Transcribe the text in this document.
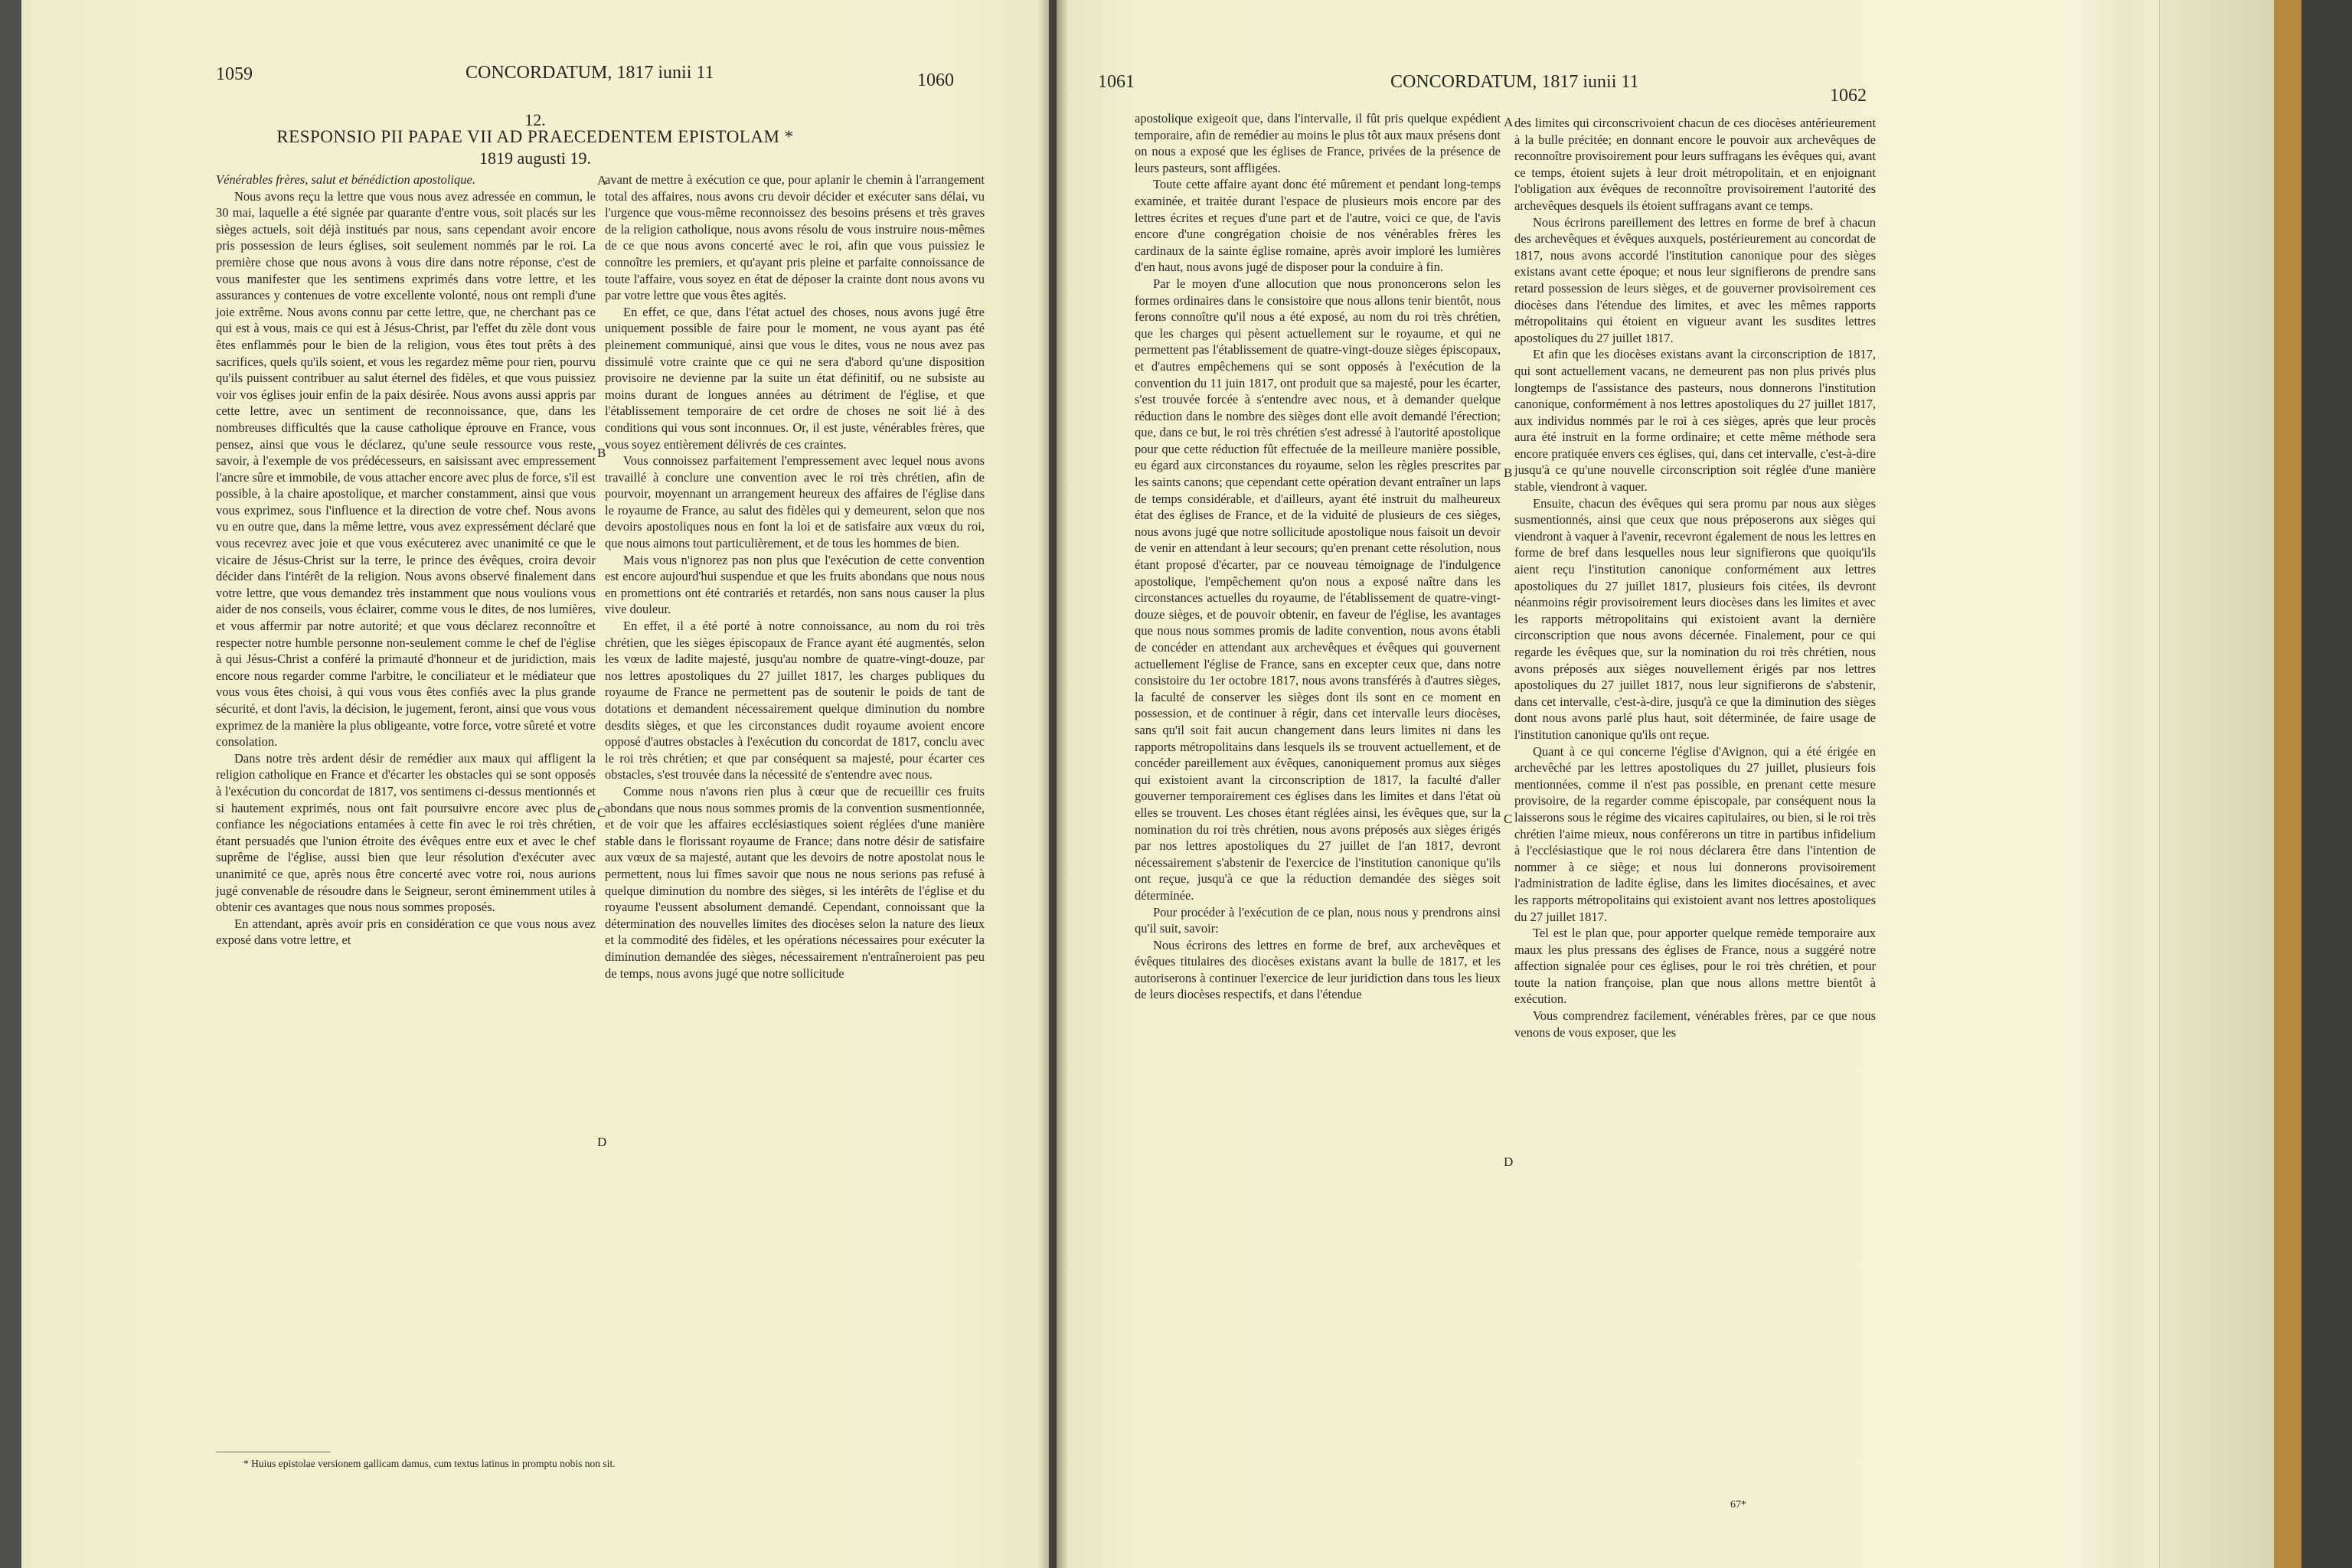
1059	CONCORDATUM, 1817 iunii 11	1060
12.
RESPONSIO PII PAPAE VII AD PRAECEDENTEM EPISTOLAM *
1819 augusti 19.

Vénérables frères, salut et bénédiction apostolique.

Nous avons reçu la lettre que vous nous avez adressée en commun, le 30 mai, laquelle a été signée par quarante d'entre vous, soit placés sur les sièges actuels, soit déjà institués par nous, sans cependant avoir encore pris possession de leurs églises, soit seulement nommés par le roi. La première chose que nous avons à vous dire dans notre réponse, c'est de vous manifester que les sentimens exprimés dans votre lettre, et les assurances y contenues de votre excellente volonté, nous ont rempli d'une joie extrême. Nous avons connu par cette lettre, que, ne cherchant pas ce qui est à vous, mais ce qui est à Jésus-Christ, par l'effet du zèle dont vous êtes enflammés pour le bien de la religion, vous êtes tout prêts à des sacrifices, quels qu'ils soient, et vous les regardez même pour rien, pourvu qu'ils puissent contribuer au salut éternel des fidèles, et que vous puissiez voir vos églises jouir enfin de la paix désirée. Nous avons aussi appris par cette lettre, avec un sentiment de reconnoissance, que, dans les nombreuses difficultés que la cause catholique éprouve en France, vous pensez, ainsi que vous le déclarez, qu'une seule ressource vous reste, savoir, à l'exemple de vos prédécesseurs, en saisissant avec empressement l'ancre sûre et immobile, de vous attacher encore avec plus de force, s'il est possible, à la chaire apostolique, et marcher constamment, ainsi que vous vous exprimez, sous l'influence et la direction de votre chef. Nous avons vu en outre que, dans la même lettre, vous avez expressément déclaré que vous recevrez avec joie et que vous exécuterez avec unanimité ce que le vicaire de Jésus-Christ sur la terre, le prince des évêques, croira devoir décider dans l'intérêt de la religion. Nous avons observé finalement dans votre lettre, que vous demandez très instamment que nous voulions vous aider de nos conseils, vous éclairer, comme vous le dites, de nos lumières, et vous affermir par notre autorité; et que vous déclarez reconnoître et respecter notre humble personne non-seulement comme le chef de l'église à qui Jésus-Christ a conféré la primauté d'honneur et de juridiction, mais encore nous regarder comme l'arbitre, le conciliateur et le médiateur que vous vous êtes choisi, à qui vous vous êtes confiés avec la plus grande sécurité, et dont l'avis, la décision, le jugement, feront, ainsi que vous vous exprimez de la manière la plus obligeante, votre force, votre sûreté et votre consolation.

Dans notre très ardent désir de remédier aux maux qui affligent la religion catholique en France et d'écarter les obstacles qui se sont opposés à l'exécution du concordat de 1817, vos sentimens ci-dessus mentionnés et si hautement exprimés, nous ont fait poursuivre encore avec plus de confiance les négociations entamées à cette fin avec le roi très chrétien, étant persuadés que l'union étroite des évêques entre eux et avec le chef suprême de l'église, aussi bien que leur résolution d'exécuter avec unanimité ce que, après nous être concerté avec votre roi, nous aurions jugé convenable de résoudre dans le Seigneur, seront éminemment utiles à obtenir ces avantages que nous nous sommes proposés.

En attendant, après avoir pris en considération ce que vous nous avez exposé dans votre lettre, et

avant de mettre à exécution ce que, pour aplanir le chemin à l'arrangement total des affaires, nous avons cru devoir décider et exécuter sans délai, vu l'urgence que vous-même reconnoissez des besoins présens et très graves de la religion catholique, nous avons résolu de vous instruire nous-mêmes de ce que nous avons concerté avec le roi, afin que vous puissiez le connoître les premiers, et qu'ayant pris pleine et parfaite connoissance de toute l'affaire, vous soyez en état de déposer la crainte dont nous avons vu par votre lettre que vous êtes agités.

En effet, ce que, dans l'état actuel des choses, nous avons jugé être uniquement possible de faire pour le moment, ne vous ayant pas été pleinement communiqué, ainsi que vous le dites, vous ne nous avez pas dissimulé votre crainte que ce qui ne sera d'abord qu'une disposition provisoire ne devienne par la suite un état définitif, ou ne subsiste au moins durant de longues années au détriment de l'église, et que l'établissement temporaire de cet ordre de choses ne soit lié à des conditions qui vous sont inconnues. Or, il est juste, vénérables frères, que vous soyez entièrement délivrés de ces craintes.

Vous connoissez parfaitement l'empressement avec lequel nous avons travaillé à conclure une convention avec le roi très chrétien, afin de pourvoir, moyennant un arrangement heureux des affaires de l'église dans le royaume de France, au salut des fidèles qui y demeurent, selon que nos devoirs apostoliques nous en font la loi et de satisfaire aux vœux du roi, que nous aimons tout particulièrement, et de tous les hommes de bien.

Mais vous n'ignorez pas non plus que l'exécution de cette convention est encore aujourd'hui suspendue et que les fruits abondans que nous nous en promettions ont été contrariés et retardés, non sans nous causer la plus vive douleur.

En effet, il a été porté à notre connoissance, au nom du roi très chrétien, que les sièges épiscopaux de France ayant été augmentés, selon les vœux de ladite majesté, jusqu'au nombre de quatre-vingt-douze, par nos lettres apostoliques du 27 juillet 1817, les charges publiques du royaume de France ne permettent pas de soutenir le poids de tant de dotations et demandent nécessairement quelque diminution du nombre desdits sièges, et que les circonstances dudit royaume avoient encore opposé d'autres obstacles à l'exécution du concordat de 1817, conclu avec le roi très chrétien; et que par conséquent sa majesté, pour écarter ces obstacles, s'est trouvée dans la nécessité de s'entendre avec nous.

Comme nous n'avons rien plus à cœur que de recueillir ces fruits abondans que nous nous sommes promis de la convention susmentionnée, et de voir que les affaires ecclésiastiques soient réglées d'une manière stable dans le florissant royaume de France; dans notre désir de satisfaire aux vœux de sa majesté, autant que les devoirs de notre apostolat nous le permettent, nous lui fîmes savoir que nous ne nous serions pas refusé à quelque diminution du nombre des sièges, si les intérêts de l'église et du royaume l'eussent absolument demandé. Cependant, connoissant que la détermination des nouvelles limites des diocèses selon la nature des lieux et la commodité des fidèles, et les opérations nécessaires pour exécuter la diminution demandée des sièges, nécessairement n'entraîneroient pas peu de temps, nous avons jugé que notre sollicitude

A
B
C
D
* Huius epistolae versionem gallicam damus, cum textus latinus in promptu nobis non sit.
1061	CONCORDATUM, 1817 iunii 11
1062

apostolique exigeoit que, dans l'intervalle, il fût pris quelque expédient temporaire, afin de remédier au moins le plus tôt aux maux présens dont on nous a exposé que les églises de France, privées de la présence de leurs pasteurs, sont affligées.

Toute cette affaire ayant donc été mûrement et pendant long-temps examinée, et traitée durant l'espace de plusieurs mois encore par des lettres écrites et reçues d'une part et de l'autre, voici ce que, de l'avis encore d'une congrégation choisie de nos vénérables frères les cardinaux de la sainte église romaine, après avoir imploré les lumières d'en haut, nous avons jugé de disposer pour la conduire à fin.

Par le moyen d'une allocution que nous prononcerons selon les formes ordinaires dans le consistoire que nous allons tenir bientôt, nous ferons connoître qu'il nous a été exposé, au nom du roi très chrétien, que les charges qui pèsent actuellement sur le royaume, et qui ne permettent pas l'établissement de quatre-vingt-douze sièges épiscopaux, et d'autres empêchemens qui se sont opposés à l'exécution de la convention du 11 juin 1817, ont produit que sa majesté, pour les écarter, s'est trouvée forcée à s'entendre avec nous, et à demander quelque réduction dans le nombre des sièges dont elle avoit demandé l'érection; que, dans ce but, le roi très chrétien s'est adressé à l'autorité apostolique pour que cette réduction fût effectuée de la meilleure manière possible, eu égard aux circonstances du royaume, selon les règles prescrites par les saints canons; que cependant cette opération devant entraîner un laps de temps considérable, et d'ailleurs, ayant été instruit du malheureux état des églises de France, et de la viduité de plusieurs de ces sièges, nous avons jugé que notre sollicitude apostolique nous faisoit un devoir de venir en attendant à leur secours; qu'en prenant cette résolution, nous étant proposé d'écarter, par ce nouveau témoignage de l'indulgence apostolique, l'empêchement qu'on nous a exposé naître dans les circonstances actuelles du royaume, de l'établissement de quatre-vingt-douze sièges, et de pouvoir obtenir, en faveur de l'église, les avantages que nous nous sommes promis de ladite convention, nous avons établi de concéder en attendant aux archevêques et évêques qui gouvernent actuellement l'église de France, sans en excepter ceux que, dans notre consistoire du 1er octobre 1817, nous avons transférés à d'autres sièges, la faculté de conserver les sièges dont ils sont en ce moment en possession, et de continuer à régir, dans cet intervalle leurs diocèses, sans qu'il soit fait aucun changement dans leurs limites ni dans les rapports métropolitains dans lesquels ils se trouvent actuellement, et de concéder pareillement aux évêques, canoniquement promus aux sièges qui existoient avant la circonscription de 1817, la faculté d'aller gouverner temporairement ces églises dans les limites et dans l'état où elles se trouvent. Les choses étant réglées ainsi, les évêques que, sur la nomination du roi très chrétien, nous avons préposés aux sièges érigés par nos lettres apostoliques du 27 juillet de l'an 1817, devront nécessairement s'abstenir de l'exercice de l'institution canonique qu'ils ont reçue, jusqu'à ce que la réduction demandée des sièges soit déterminée.

Pour procéder à l'exécution de ce plan, nous nous y prendrons ainsi qu'il suit, savoir:

Nous écrirons des lettres en forme de bref, aux archevêques et évêques titulaires des diocèses existans avant la bulle de 1817, et les autoriserons à continuer l'exercice de leur juridiction dans tous les lieux de leurs diocèses respectifs, et dans l'étendue

des limites qui circonscrivoient chacun de ces diocèses antérieurement à la bulle précitée; en donnant encore le pouvoir aux archevêques de reconnoître provisoirement pour leurs suffragans les évêques qui, avant ce temps, étoient sujets à leur droit métropolitain, et en enjoignant l'obligation aux évêques de reconnoître provisoirement l'autorité des archevêques desquels ils étoient suffragans avant ce temps.

Nous écrirons pareillement des lettres en forme de bref à chacun des archevêques et évêques auxquels, postérieurement au concordat de 1817, nous avons accordé l'institution canonique pour des sièges existans avant cette époque; et nous leur signifierons de prendre sans retard possession de leurs sièges, et de gouverner provisoirement ces diocèses dans l'étendue des limites, et avec les mêmes rapports métropolitains qui étoient en vigueur avant les susdites lettres apostoliques du 27 juillet 1817.

Et afin que les diocèses existans avant la circonscription de 1817, qui sont actuellement vacans, ne demeurent pas non plus privés plus longtemps de l'assistance des pasteurs, nous donnerons l'institution canonique, conformément à nos lettres apostoliques du 27 juillet 1817, aux individus nommés par le roi à ces sièges, après que leur procès aura été instruit en la forme ordinaire; et cette même méthode sera encore pratiquée envers ces églises, qui, dans cet intervalle, c'est-à-dire jusqu'à ce qu'une nouvelle circonscription soit réglée d'une manière stable, viendront à vaquer.

Ensuite, chacun des évêques qui sera promu par nous aux sièges susmentionnés, ainsi que ceux que nous préposerons aux sièges qui viendront à vaquer à l'avenir, recevront également de nous les lettres en forme de bref dans lesquelles nous leur signifierons que quoiqu'ils aient reçu l'institution canonique conformément aux lettres apostoliques du 27 juillet 1817, plusieurs fois citées, ils devront néanmoins régir provisoirement leurs diocèses dans les limites et avec les rapports métropolitains qui existoient avant la dernière circonscription que nous avons décernée. Finalement, pour ce qui regarde les évêques que, sur la nomination du roi très chrétien, nous avons préposés aux sièges nouvellement érigés par nos lettres apostoliques du 27 juillet 1817, nous leur signifierons de s'abstenir, dans cet intervalle, c'est-à-dire, jusqu'à ce que la diminution des sièges dont nous avons parlé plus haut, soit déterminée, de faire usage de l'institution canonique qu'ils ont reçue.

Quant à ce qui concerne l'église d'Avignon, qui a été érigée en archevêché par les lettres apostoliques du 27 juillet, plusieurs fois mentionnées, comme il n'est pas possible, en prenant cette mesure provisoire, de la regarder comme épiscopale, par conséquent nous la laisserons sous le régime des vicaires capitulaires, ou bien, si le roi très chrétien l'aime mieux, nous conférerons un titre in partibus infidelium à l'ecclésiastique que le roi nous déclarera être dans l'intention de nommer à ce siège; et nous lui donnerons provisoirement l'administration de ladite église, dans les limites diocésaines, et avec les rapports métropolitains qui existoient avant nos lettres apostoliques du 27 juillet 1817.

Tel est le plan que, pour apporter quelque remède temporaire aux maux les plus pressans des églises de France, nous a suggéré notre affection signalée pour ces églises, pour le roi très chrétien, et pour toute la nation françoise, plan que nous allons mettre bientôt à exécution.

Vous comprendrez facilement, vénérables frères, par ce que nous venons de vous exposer, que les

A
B
C
D
67*
